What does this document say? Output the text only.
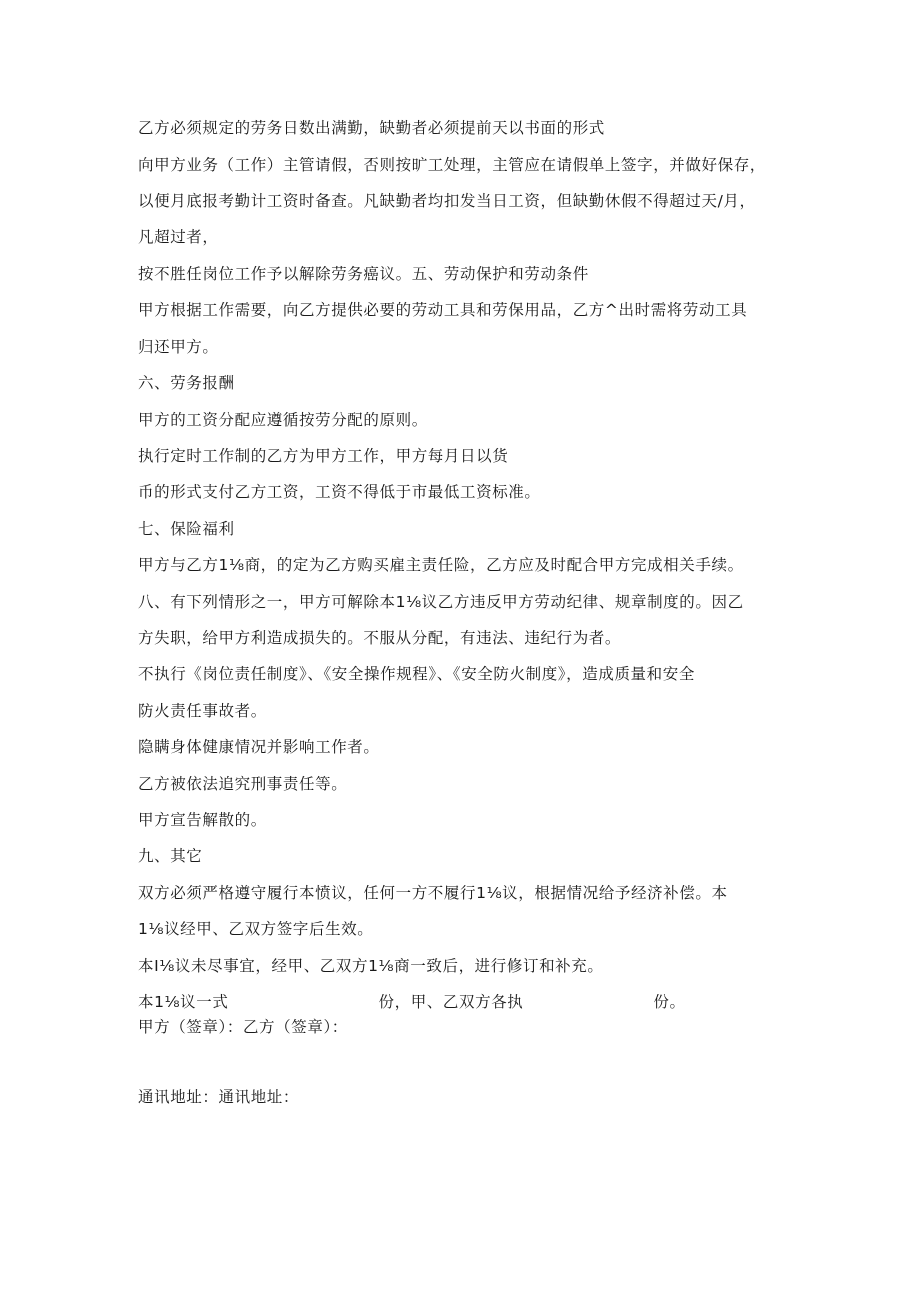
乙方必须规定的劳务日数出满勤，缺勤者必须提前天以书面的形式
向甲方业务（工作）主管请假，否则按旷工处理，主管应在请假单上签字，并做好保存，
以便月底报考勤计工资时备查。凡缺勤者均扣发当日工资，但缺勤休假不得超过天/月，
凡超过者，
按不胜任岗位工作予以解除劳务癌议。五、劳动保护和劳动条件
甲方根据工作需要，向乙方提供必要的劳动工具和劳保用品，乙方^出时需将劳动工具
归还甲方。
六、劳务报酬
甲方的工资分配应遵循按劳分配的原则。
执行定时工作制的乙方为甲方工作，甲方每月日以货
币的形式支付乙方工资，工资不得低于市最低工资标准。
七、保险福利
甲方与乙方1⅛商，的定为乙方购买雇主责任险，乙方应及时配合甲方完成相关手续。
八、有下列情形之一，甲方可解除本1⅛议乙方违反甲方劳动纪律、规章制度的。因乙
方失职，给甲方利造成损失的。不服从分配，有违法、违纪行为者。
不执行《岗位责任制度》、《安全操作规程》、《安全防火制度》，造成质量和安全
防火责任事故者。
隐瞒身体健康情况并影响工作者。
乙方被依法追究刑事责任等。
甲方宣告解散的。
九、其它
双方必须严格遵守履行本愤议，任何一方不履行1⅛议，根据情况给予经济补偿。本
1⅛议经甲、乙双方签字后生效。
本I⅛议未尽事宜，经甲、乙双方1⅛商一致后，进行修订和补充。
本1⅛议一式	份，甲、乙双方各执	份。
甲方（签章）：乙方（签章）：
通讯地址：通讯地址：
